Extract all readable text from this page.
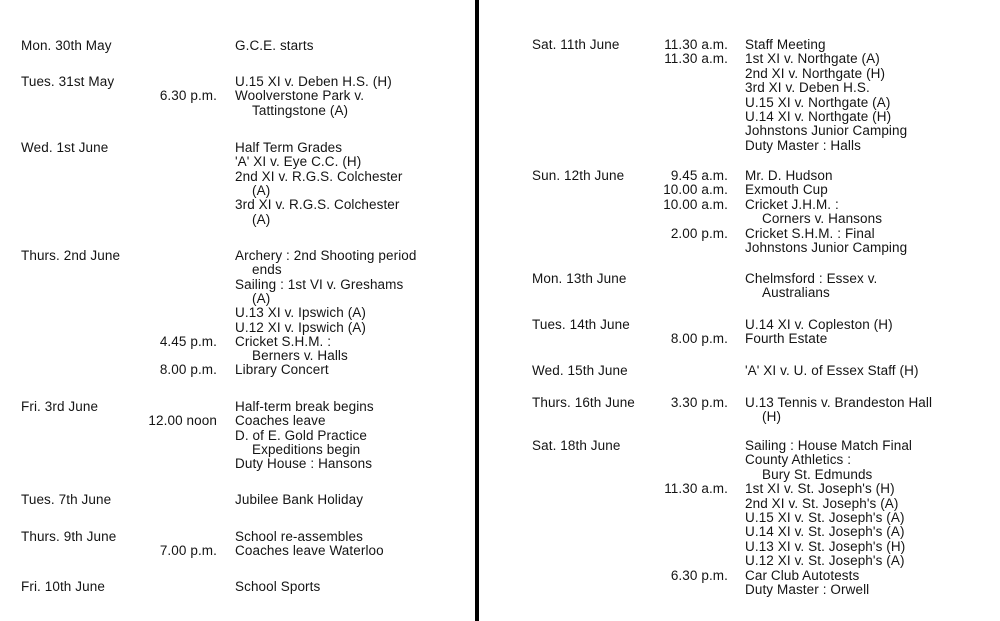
Mon. 30th May	G.C.E. starts
Tues. 31st May	U.15 XI v. Deben H.S. (H)
6.30 p.m. Woolverstone Park v.
Tattingstone (A)
Wed. 1st June	Half Term Grades
'A' XI v. Eye C.C. (H)
2nd XI v. R.G.S. Colchester
(A)
3rd XI v. R.G.S. Colchester
(A)
Thurs. 2nd June	Archery : 2nd Shooting period
ends
Sailing : 1st VI v. Greshams
(A)
U.13 XI v. Ipswich (A)
U.12 XI v. Ipswich (A)
4.45 p.m. Cricket S.H.M. :
Berners v. Halls
8.00 p.m. Library Concert
Fri. 3rd June	Half-term break begins
12.00 noon Coaches leave
D. of E. Gold Practice
Expeditions begin
Duty House : Hansons
Tues. 7th June	Jubilee Bank Holiday
Thurs. 9th June	School re-assembles
7.00 p.m. Coaches leave Waterloo
Fri. 10th June	School Sports
Sat. 11th June	11.30 a.m. Staff Meeting
11.30 a.m. 1st XI v. Northgate (A)
2nd XI v. Northgate (H)
3rd XI v. Deben H.S.
U.15 XI v. Northgate (A)
U.14 XI v. Northgate (H)
Johnstons Junior Camping
Duty Master : Halls
Sun. 12th June	9.45 a.m. Mr. D. Hudson
10.00 a.m. Exmouth Cup
10.00 a.m. Cricket J.H.M. :
Corners v. Hansons
2.00 p.m. Cricket S.H.M. : Final
Johnstons Junior Camping
Mon. 13th June	Chelmsford : Essex v.
Australians
Tues. 14th June	U.14 XI v. Copleston (H)
8.00 p.m. Fourth Estate
Wed. 15th June	'A' XI v. U. of Essex Staff (H)
Thurs. 16th June	3.30 p.m. U.13 Tennis v. Brandeston Hall
(H)
Sat. 18th June	Sailing : House Match Final
County Athletics :
Bury St. Edmunds
11.30 a.m. 1st XI v. St. Joseph's (H)
2nd XI v. St. Joseph's (A)
U.15 XI v. St. Joseph's (A)
U.14 XI v. St. Joseph's (A)
U.13 XI v. St. Joseph's (H)
U.12 XI v. St. Joseph's (A)
6.30 p.m. Car Club Autotests
Duty Master : Orwell
